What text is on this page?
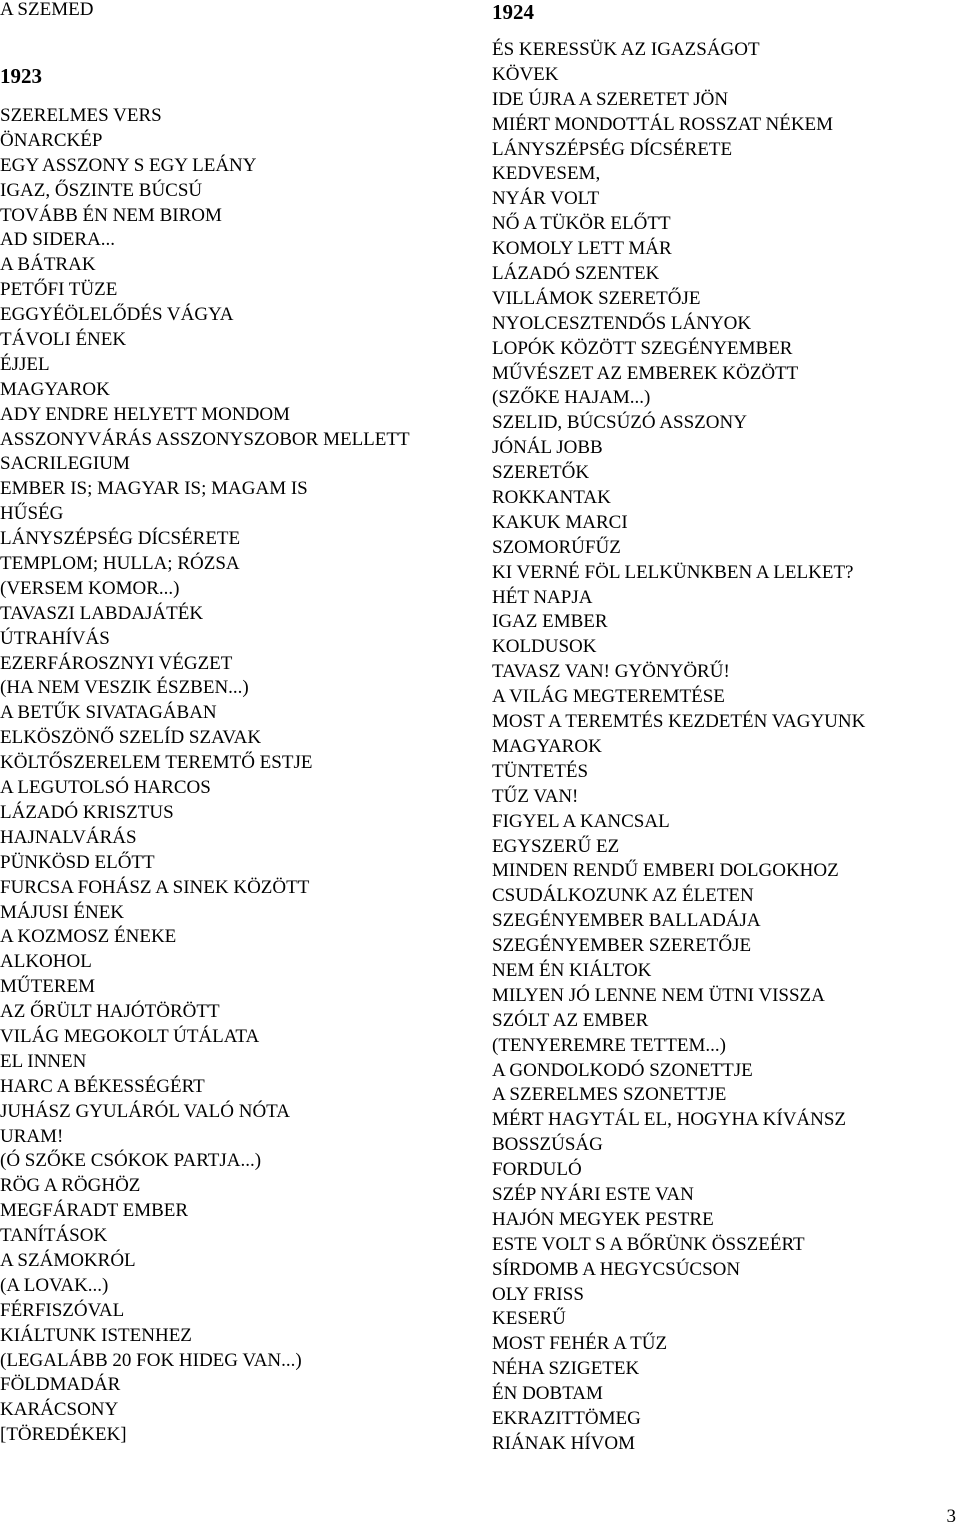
A SZEMED

1923

SZERELMES VERS
ÖNARCKÉP
EGY ASSZONY S EGY LEÁNY
IGAZ, ŐSZINTE BÚCSÚ
TOVÁBB ÉN NEM BIROM
AD SIDERA...
A BÁTRAK
PETŐFI TÜZE
EGGYÉÖLELŐDÉS VÁGYA
TÁVOLI ÉNEK
ÉJJEL
MAGYAROK
ADY ENDRE HELYETT MONDOM
ASSZONYVÁRÁS ASSZONYSZOBOR MELLETT
SACRILEGIUM
EMBER IS; MAGYAR IS; MAGAM IS
HŰSÉG
LÁNYSZÉPSÉG DÍCSÉRETE
TEMPLOM; HULLA; RÓZSA
(VERSEM KOMOR...)
TAVASZI LABDAJÁTÉK
ÚTRAHÍVÁS
EZERFÁROSZNYI VÉGZET
(HA NEM VESZIK ÉSZBEN...)
A BETŰK SIVATAGÁBAN
ELKÖSZÖNŐ SZELÍD SZAVAK
KÖLTŐSZERELEM TEREMTŐ ESTJE
A LEGUTOLSÓ HARCOS
LÁZADÓ KRISZTUS
HAJNALVÁRÁS
PÜNKÖSD ELŐTT
FURCSA FOHÁSZ A SINEK KÖZÖTT
MÁJUSI ÉNEK
A KOZMOSZ ÉNEKE
ALKOHOL
MŰTEREM
AZ ŐRÜLT HAJÓTÖRÖTT
VILÁG MEGOKOLT ÚTÁLATA
EL INNEN
HARC A BÉKESSÉGÉRT
JUHÁSZ GYULÁRÓL VALÓ NÓTA
URAM!
(Ó SZŐKE CSÓKOK PARTJA...)
RÖG A RÖGHÖZ
MEGFÁRADT EMBER
TANÍTÁSOK
A SZÁMOKRÓL
(A LOVAK...)
FÉRFISZÓVAL
KIÁLTUNK ISTENHEZ
(LEGALÁBB 20 FOK HIDEG VAN...)
FÖLDMADÁR
KARÁCSONY
[TÖREDÉKEK]

1924

ÉS KERESSÜK AZ IGAZSÁGOT
KÖVEK
IDE ÚJRA A SZERETET JÖN
MIÉRT MONDOTTÁL ROSSZAT NÉKEM
LÁNYSZÉPSÉG DÍCSÉRETE
KEDVESEM,
NYÁR VOLT
NŐ A TÜKÖR ELŐTT
KOMOLY LETT MÁR
LÁZADÓ SZENTEK
VILLÁMOK SZERETŐJE
NYOLCESZTENDŐS LÁNYOK
LOPÓK KÖZÖTT SZEGÉNYEMBER
MŰVÉSZET AZ EMBEREK KÖZÖTT
(SZŐKE HAJAM...)
SZELID, BÚCSÚZÓ ASSZONY
JÓNÁL JOBB
SZERETŐK
ROKKANTAK
KAKUK MARCI
SZOMORÚFŰZ
KI VERNÉ FÖL LELKÜNKBEN A LELKET?
HÉT NAPJA
IGAZ EMBER
KOLDUSOK
TAVASZ VAN! GYÖNYÖRŰ!
A VILÁG MEGTEREMTÉSE
MOST A TEREMTÉS KEZDETÉN VAGYUNK
MAGYAROK
TÜNTETÉS
TŰZ VAN!
FIGYEL A KANCSAL
EGYSZERŰ EZ
MINDEN RENDŰ EMBERI DOLGOKHOZ
CSUDÁLKOZUNK AZ ÉLETEN
SZEGÉNYEMBER BALLADÁJA
SZEGÉNYEMBER SZERETŐJE
NEM ÉN KIÁLTOK
MILYEN JÓ LENNE NEM ÜTNI VISSZA
SZÓLT AZ EMBER
(TENYEREMRE TETTEM...)
A GONDOLKODÓ SZONETTJE
A SZERELMES SZONETTJE
MÉRT HAGYTÁL EL, HOGYHA KÍVÁNSZ
BOSSZÚSÁG
FORDULÓ
SZÉP NYÁRI ESTE VAN
HAJÓN MEGYEK PESTRE
ESTE VOLT S A BŐRÜNK ÖSSZEÉRT
SÍRDOMB A HEGYCSÚCSON
OLY FRISS
KESERŰ
MOST FEHÉR A TŰZ
NÉHA SZIGETEK
ÉN DOBTAM
EKRAZITTÖMEG
RIÁNAK HÍVOM
3
